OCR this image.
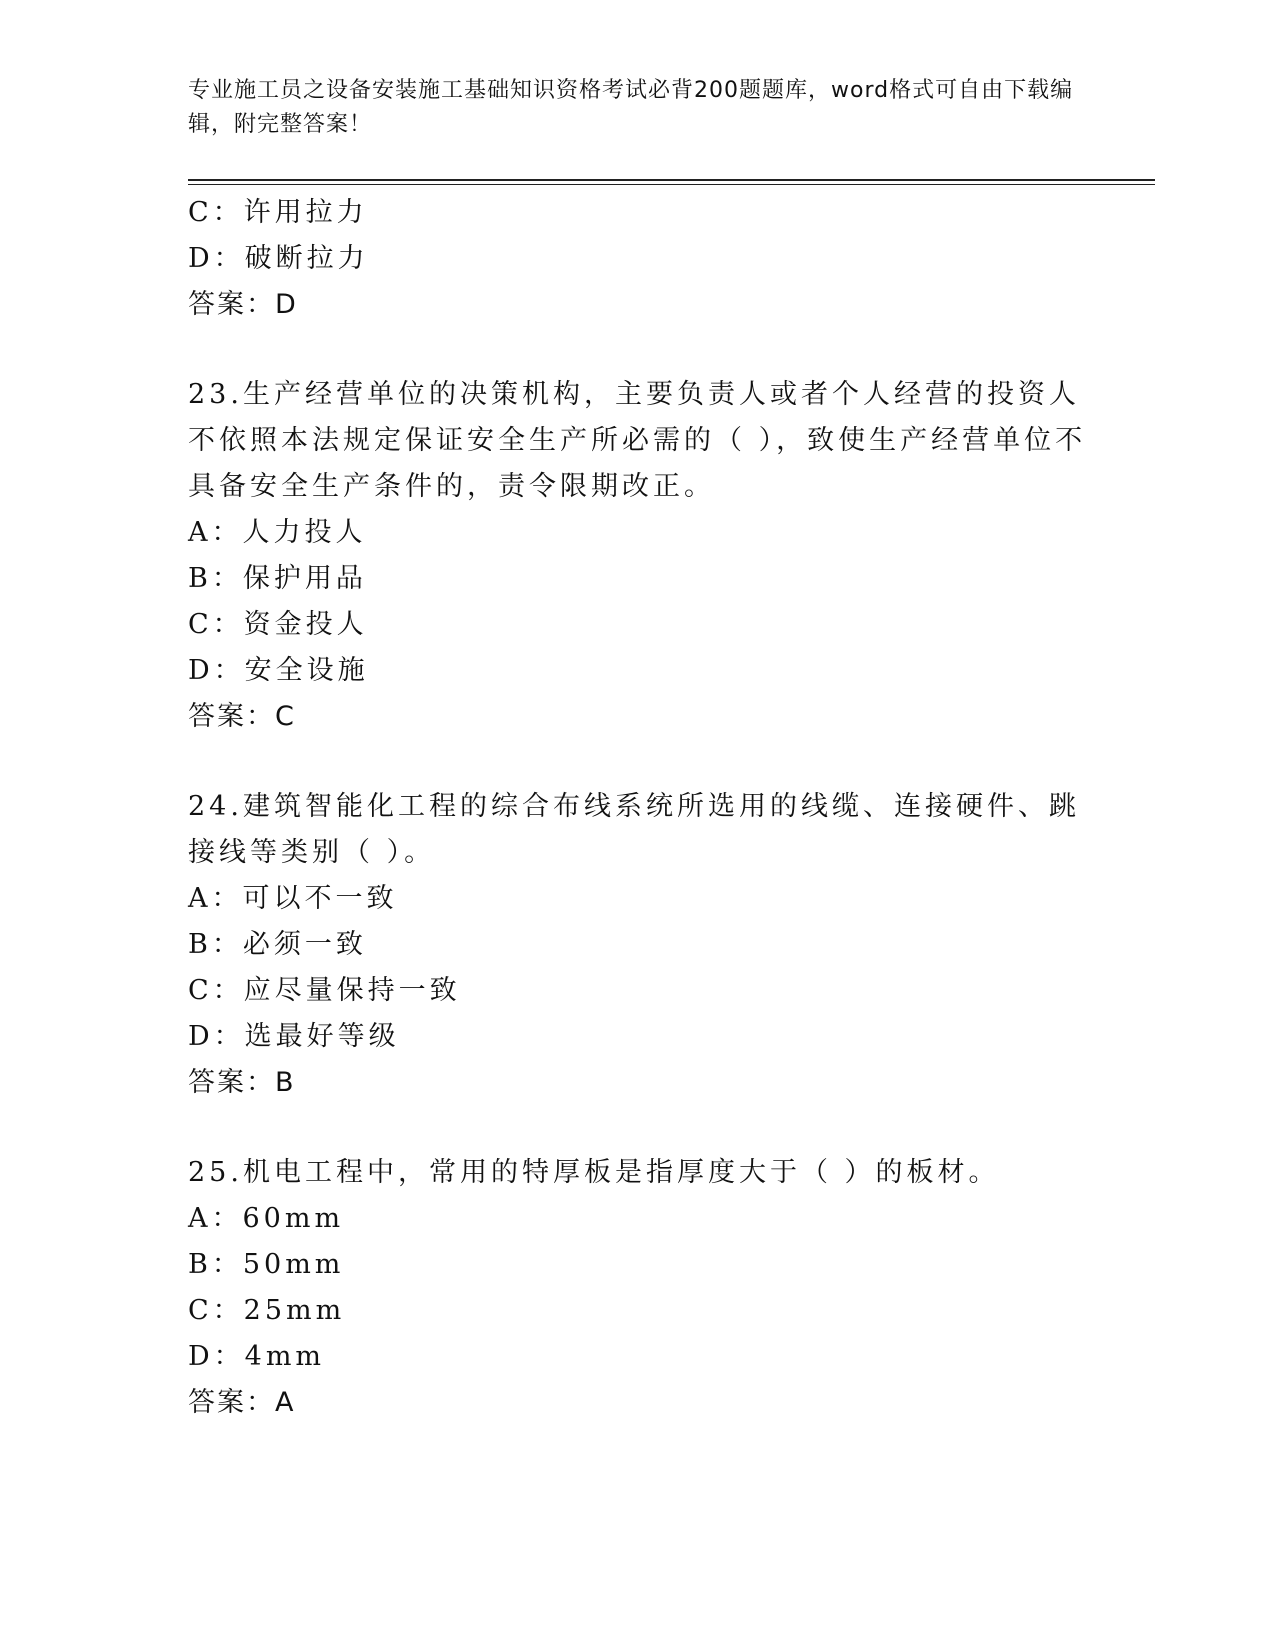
专业施工员之设备安装施工基础知识资格考试必背200题题库，word格式可自由下载编辑，附完整答案！
C：许用拉力
D：破断拉力
答案：D
23.生产经营单位的决策机构，主要负责人或者个人经营的投资人不依照本法规定保证安全生产所必需的（ ），致使生产经营单位不具备安全生产条件的，责令限期改正。
A：人力投人
B：保护用品
C：资金投人
D：安全设施
答案：C
24.建筑智能化工程的综合布线系统所选用的线缆、连接硬件、跳接线等类别（ ）。
A：可以不一致
B：必须一致
C：应尽量保持一致
D：选最好等级
答案：B
25.机电工程中，常用的特厚板是指厚度大于（ ）的板材。
A：60mm
B：50mm
C：25mm
D：4mm
答案：A
